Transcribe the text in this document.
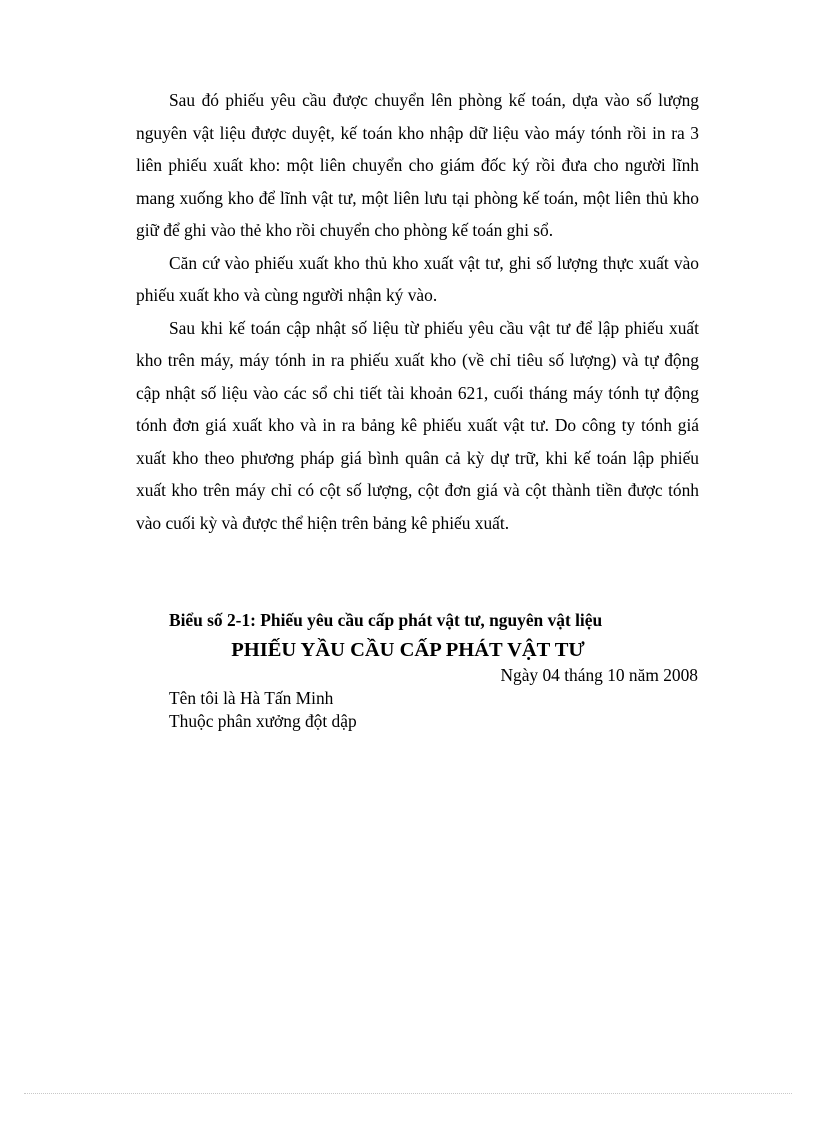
Sau đó phiếu yêu cầu được chuyển lên phòng kế toán, dựa vào số lượng nguyên vật liệu được duyệt, kế toán kho nhập dữ liệu vào máy tónh rồi in ra 3 liên phiếu xuất kho: một liên chuyển cho giám đốc ký rồi đưa cho người lĩnh mang xuống kho để lĩnh vật tư, một liên lưu tại phòng kế toán, một liên thủ kho giữ để ghi vào thẻ kho rồi chuyển cho phòng kế toán ghi sổ.

Căn cứ vào phiếu xuất kho thủ kho xuất vật tư, ghi số lượng thực xuất vào phiếu xuất kho và cùng người nhận ký vào.

Sau khi kế toán cập nhật số liệu từ phiếu yêu cầu vật tư để lập phiếu xuất kho trên máy, máy tónh in ra phiếu xuất kho (về chỉ tiêu số lượng) và tự động cập nhật số liệu vào các sổ chi tiết tài khoản 621, cuối tháng máy tónh tự động tónh đơn giá xuất kho và in ra bảng kê phiếu xuất vật tư. Do công ty tónh giá xuất kho theo phương pháp giá bình quân cả kỳ dự trữ, khi kế toán lập phiếu xuất kho trên máy chỉ có cột số lượng, cột đơn giá và cột thành tiền được tónh vào cuối kỳ và được thể hiện trên bảng kê phiếu xuất.

Biểu số 2-1: Phiếu yêu cầu cấp phát vật tư, nguyên vật liệu
PHIẾU YẦU CẦU CẤP PHÁT VẬT TƯ
Ngày 04 tháng 10 năm 2008
Tên tôi là Hà Tấn Minh
Thuộc phân xưởng đột dập
